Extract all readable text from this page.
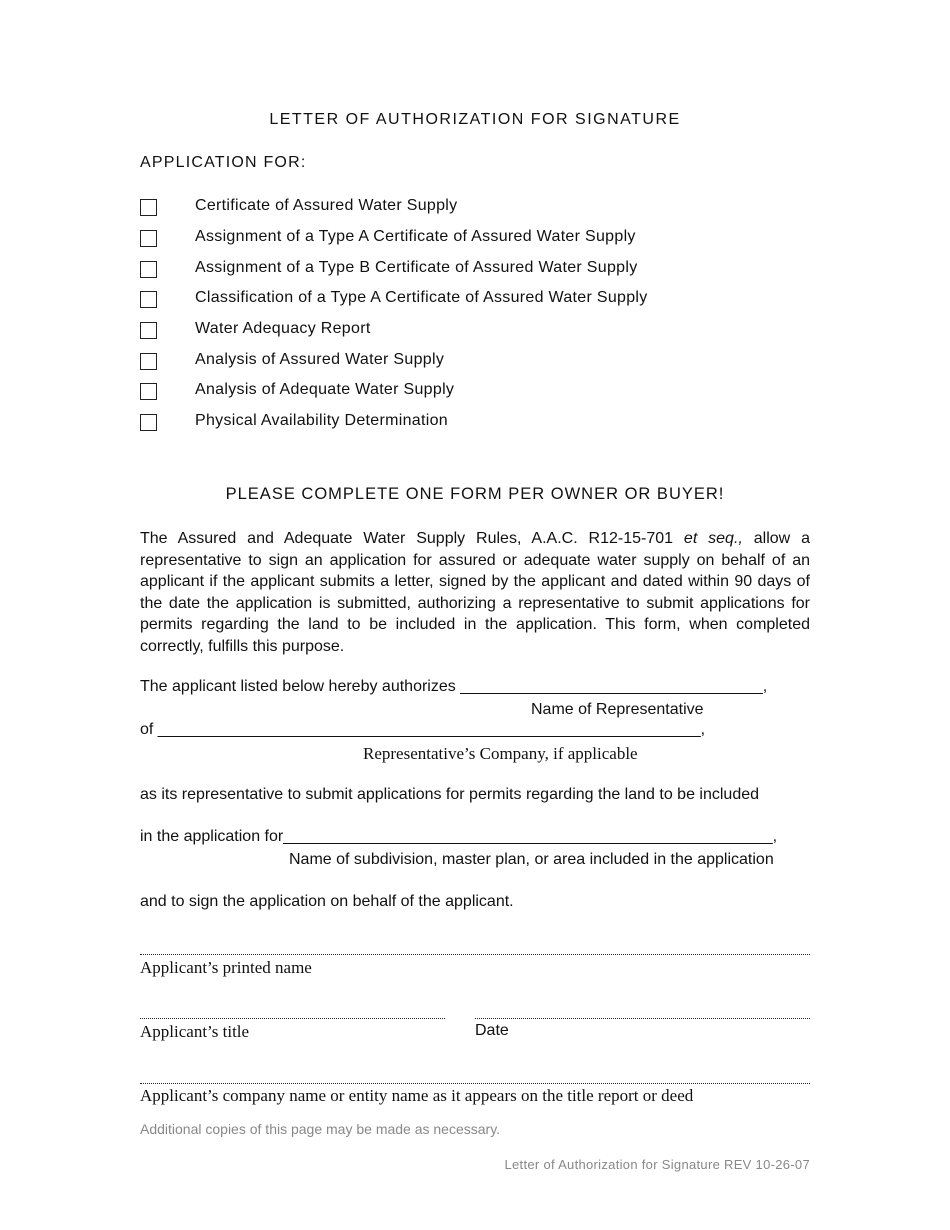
LETTER OF AUTHORIZATION FOR SIGNATURE
APPLICATION FOR:
Certificate of Assured Water Supply
Assignment of a Type A Certificate of Assured Water Supply
Assignment of a Type B Certificate of Assured Water Supply
Classification of a Type A Certificate of Assured Water Supply
Water Adequacy Report
Analysis of Assured Water Supply
Analysis of Adequate Water Supply
Physical Availability Determination
PLEASE COMPLETE ONE FORM PER OWNER OR BUYER!
The Assured and Adequate Water Supply Rules, A.A.C. R12-15-701 et seq., allow a representative to sign an application for assured or adequate water supply on behalf of an applicant if the applicant submits a letter, signed by the applicant and dated within 90 days of the date the application is submitted, authorizing a representative to submit applications for permits regarding the land to be included in the application. This form, when completed correctly, fulfills this purpose.
The applicant listed below hereby authorizes __________________________________,
Name of Representative
of _____________________________________________________________,
Representative’s Company, if applicable
as its representative to submit applications for permits regarding the land to be included
in the application for_______________________________________________________,
Name of subdivision, master plan, or area included in the application
and to sign the application on behalf of the applicant.
Applicant’s printed name
Applicant’s title	Date
Applicant’s company name or entity name as it appears on the title report or deed
Additional copies of this page may be made as necessary.
Letter of Authorization for Signature REV 10-26-07
